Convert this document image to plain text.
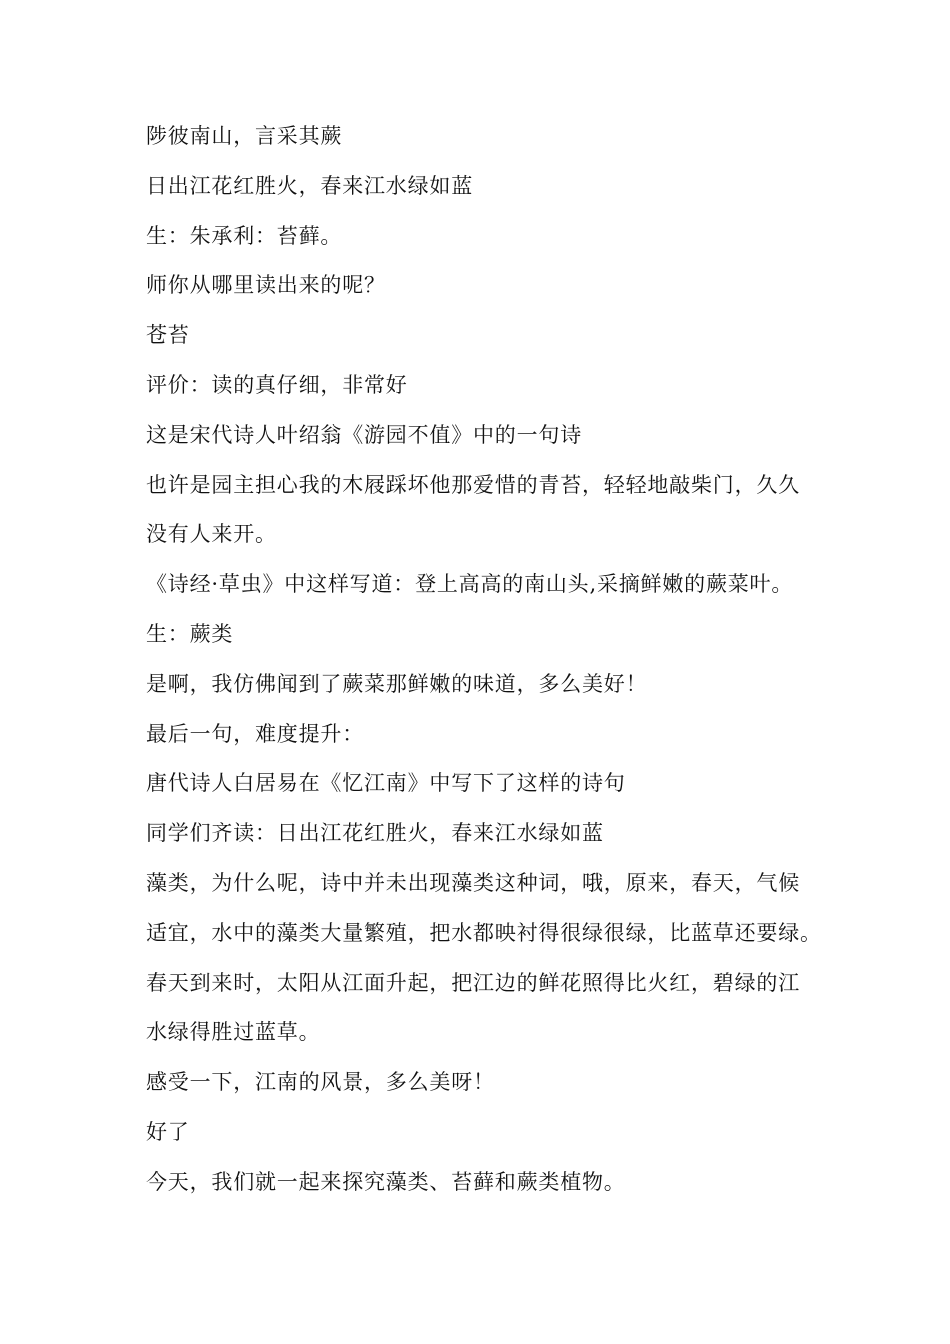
陟彼南山，言采其蕨
日出江花红胜火，春来江水绿如蓝
生：朱承利：苔藓。
师你从哪里读出来的呢？
苍苔
评价：读的真仔细，非常好
这是宋代诗人叶绍翁《游园不值》中的一句诗
也许是园主担心我的木屐踩坏他那爱惜的青苔，轻轻地敲柴门，久久
没有人来开。
《诗经·草虫》中这样写道：登上高高的南山头,采摘鲜嫩的蕨菜叶。
生：蕨类
是啊，我仿佛闻到了蕨菜那鲜嫩的味道，多么美好！
最后一句，难度提升：
唐代诗人白居易在《忆江南》中写下了这样的诗句
同学们齐读：日出江花红胜火，春来江水绿如蓝
藻类，为什么呢，诗中并未出现藻类这种词，哦，原来，春天，气候
适宜，水中的藻类大量繁殖，把水都映衬得很绿很绿，比蓝草还要绿。
春天到来时，太阳从江面升起，把江边的鲜花照得比火红，碧绿的江
水绿得胜过蓝草。
感受一下，江南的风景，多么美呀！
好了
今天，我们就一起来探究藻类、苔藓和蕨类植物。
